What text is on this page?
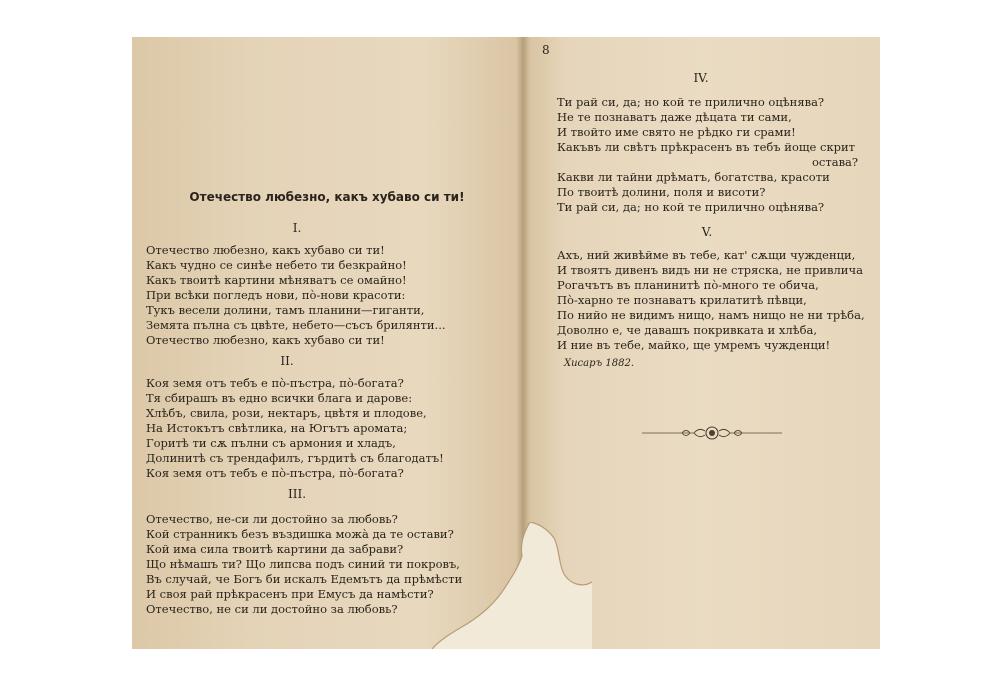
Отечество любезно, какъ хубаво си ти!
I.
Отечество любезно, какъ хубаво си ти!
Какъ чудно се синѣе небето ти безкрайно!
Какъ твоитѣ картини мѣняватъ се омайно!
При всѣки погледъ нови, пò-нови красоти:
Тукъ весели долини, тамъ планини—гиганти,
Земята пълна съ цвѣте, небето—съсъ брилянти...
Отечество любезно, какъ хубаво си ти!
II.
Коя земя отъ тебъ е пò-пъстра, пò-богата?
Тя сбирашъ въ едно всички блага и дарове:
Хлѣбъ, свила, рози, нектаръ, цвѣтя и плодове,
На Истокътъ свѣтлика, на Югътъ аромата;
Горитѣ ти сѫ пълни съ армония и хладъ,
Долинитѣ съ трендафилъ, гърдитѣ съ благодатъ!
Коя земя отъ тебъ е пò-пъстра, пò-богата?
III.
Отечество, не-си ли достойно за любовь?
Кой странникъ безъ въздишка можà да те остави?
Кой има сила твоитѣ картини да забрави?
Що нѣмашъ ти? Що липсва подъ синий ти покровъ,
Въ случай, че Богъ би искалъ Едемътъ да прѣмѣсти
И своя рай прѣкрасенъ при Емусъ да намѣсти?
Отечество, не си ли достойно за любовь?
8
IV.
Ти рай си, да; но кой те прилично оцѣнява?
Не те познаватъ даже дѣцата ти сами,
И твойто име свято не рѣдко ги срами!
Какъвъ ли свѣтъ прѣкрасенъ въ тебъ йоще скрит
остава?
Какви ли тайни дрѣматъ, богатства, красоти
По твоитѣ долини, поля и висоти?
Ти рай си, да; но кой те прилично оцѣнява?
V.
Ахъ, ний живѣйме въ тебе, кат' сѫщи чужденци,
И твоятъ дивенъ видъ ни не стряска, не привлича
Рогачътъ въ планинитѣ пò-много те обича,
Пò-харно те познаватъ крилатитѣ пѣвци,
По нийо не видимъ нищо, намъ нищо не ни трѣба,
Доволно е, че давашъ покривката и хлѣба,
И ние въ тебе, майко, ще умремъ чужденци!
Хисаръ 1882.
